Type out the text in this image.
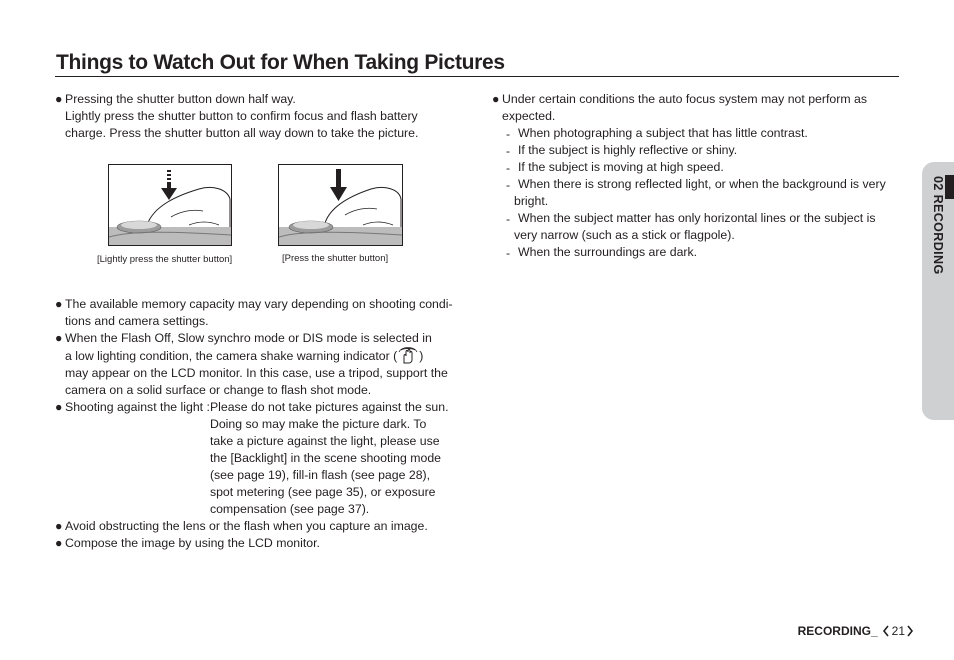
Things to Watch Out for When Taking Pictures

● Pressing the shutter button down half way.

Lightly press the shutter button to confirm focus and flash battery

charge. Press the shutter button all way down to take the picture.

[Lightly press the shutter button]	[Press the shutter button]

● The available memory capacity may vary depending on shooting condi-

tions and camera settings.

● When the Flash Off, Slow synchro mode or DIS mode is selected in

a low lighting condition, the camera shake warning indicator ( )

may appear on the LCD monitor. In this case, use a tripod, support the

camera on a solid surface or change to flash shot mode.

● Shooting against the light : Please do not take pictures against the sun.
Doing so may make the picture dark. To
take a picture against the light, please use
the [Backlight] in the scene shooting mode
(see page 19), fill-in flash (see page 28),
spot metering (see page 35), or exposure
compensation (see page 37).

● Avoid obstructing the lens or the flash when you capture an image.

● Compose the image by using the LCD monitor.

● Under certain conditions the auto focus system may not perform as

expected.

- When photographing a subject that has little contrast.

- If the subject is highly reflective or shiny.

- If the subject is moving at high speed.

- When there is strong reflected light, or when the background is very

bright.

- When the subject matter has only horizontal lines or the subject is

very narrow (such as a stick or flagpole).

- When the surroundings are dark.	02 RECORDING
RECORDING_ 21
